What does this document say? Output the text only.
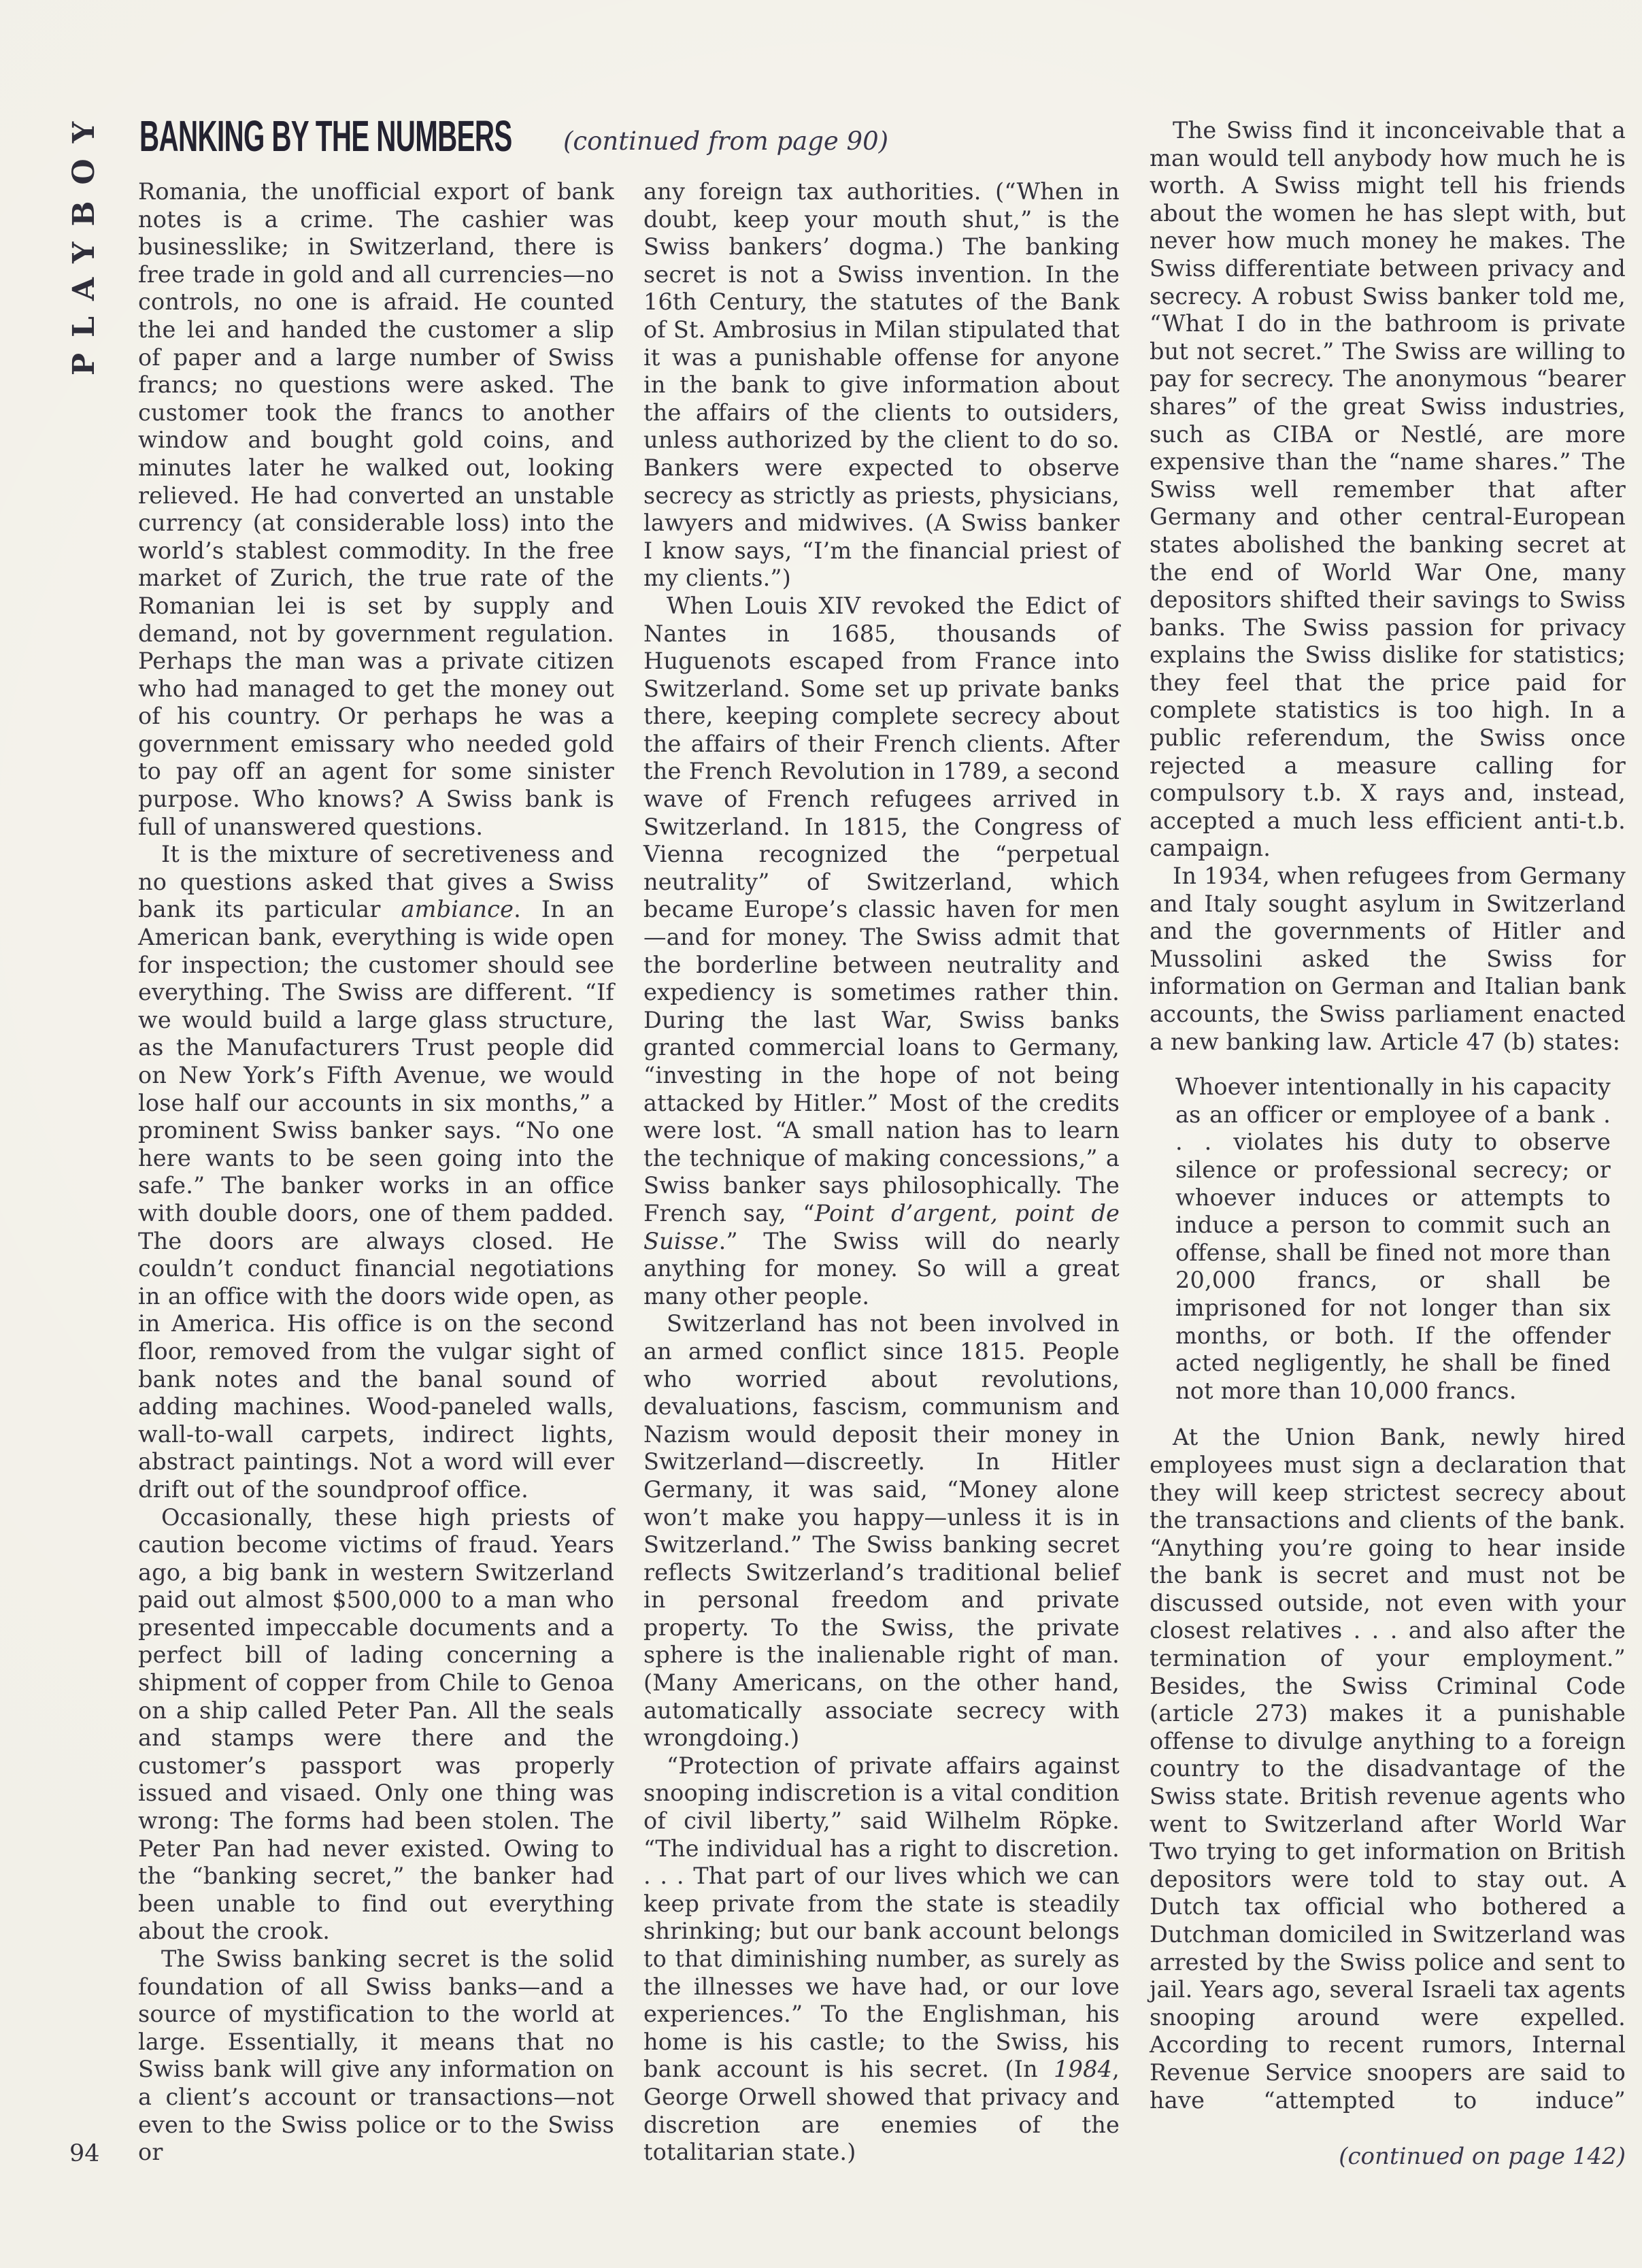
PLAYBOY BANKING BY THE NUMBERS	(continued from page 90)

Romania, the unofficial export of bank notes is a crime. The cashier was businesslike; in Switzerland, there is free trade in gold and all currencies—no controls, no one is afraid. He counted the lei and handed the customer a slip of paper and a large number of Swiss francs; no questions were asked. The customer took the francs to another window and bought gold coins, and minutes later he walked out, looking relieved. He had converted an unstable currency (at considerable loss) into the world’s stablest commodity. In the free market of Zurich, the true rate of the Romanian lei is set by supply and demand, not by government regulation. Perhaps the man was a private citizen who had managed to get the money out of his country. Or perhaps he was a government emissary who needed gold to pay off an agent for some sinister purpose. Who knows? A Swiss bank is full of unanswered questions.

It is the mixture of secretiveness and no questions asked that gives a Swiss bank its particular ambiance. In an American bank, everything is wide open for inspection; the customer should see everything. The Swiss are different. “If we would build a large glass structure, as the Manufacturers Trust people did on New York’s Fifth Avenue, we would lose half our accounts in six months,” a prominent Swiss banker says. “No one here wants to be seen going into the safe.” The banker works in an office with double doors, one of them padded. The doors are always closed. He couldn’t conduct financial negotiations in an office with the doors wide open, as in America. His office is on the second floor, removed from the vulgar sight of bank notes and the banal sound of adding machines. Wood-paneled walls, wall-to-wall carpets, indirect lights, abstract paintings. Not a word will ever drift out of the soundproof office.

Occasionally, these high priests of caution become victims of fraud. Years ago, a big bank in western Switzerland paid out almost $500,000 to a man who presented impeccable documents and a perfect bill of lading concerning a shipment of copper from Chile to Genoa on a ship called Peter Pan. All the seals and stamps were there and the customer’s passport was properly issued and visaed. Only one thing was wrong: The forms had been stolen. The Peter Pan had never existed. Owing to the “banking secret,” the banker had been unable to find out everything about the crook.

The Swiss banking secret is the solid foundation of all Swiss banks—and a source of mystification to the world at large. Essentially, it means that no Swiss bank will give any information on a client’s account or transactions—not even to the Swiss police or to the Swiss or

any foreign tax authorities. (“When in doubt, keep your mouth shut,” is the Swiss bankers’ dogma.) The banking secret is not a Swiss invention. In the 16th Century, the statutes of the Bank of St. Ambrosius in Milan stipulated that it was a punishable offense for anyone in the bank to give information about the affairs of the clients to outsiders, unless authorized by the client to do so. Bankers were expected to observe secrecy as strictly as priests, physicians, lawyers and midwives. (A Swiss banker I know says, “I’m the financial priest of my clients.”)

When Louis XIV revoked the Edict of Nantes in 1685, thousands of Huguenots escaped from France into Switzerland. Some set up private banks there, keeping complete secrecy about the affairs of their French clients. After the French Revolution in 1789, a second wave of French refugees arrived in Switzerland. In 1815, the Congress of Vienna recognized the “perpetual neutrality” of Switzerland, which became Europe’s classic haven for men—and for money. The Swiss admit that the borderline between neutrality and expediency is sometimes rather thin. During the last War, Swiss banks granted commercial loans to Germany, “investing in the hope of not being attacked by Hitler.” Most of the credits were lost. “A small nation has to learn the technique of making concessions,” a Swiss banker says philosophically. The French say, “Point d’argent, point de Suisse.” The Swiss will do nearly anything for money. So will a great many other people.

Switzerland has not been involved in an armed conflict since 1815. People who worried about revolutions, devaluations, fascism, communism and Nazism would deposit their money in Switzerland—discreetly. In Hitler Germany, it was said, “Money alone won’t make you happy—unless it is in Switzerland.” The Swiss banking secret reflects Switzerland’s traditional belief in personal freedom and private property. To the Swiss, the private sphere is the inalienable right of man. (Many Americans, on the other hand, automatically associate secrecy with wrongdoing.)

“Protection of private affairs against snooping indiscretion is a vital condition of civil liberty,” said Wilhelm Röpke. “The individual has a right to discretion. . . . That part of our lives which we can keep private from the state is steadily shrinking; but our bank account belongs to that diminishing number, as surely as the illnesses we have had, or our love experiences.” To the Englishman, his home is his castle; to the Swiss, his bank account is his secret. (In 1984, George Orwell showed that privacy and discretion are enemies of the totalitarian state.)

The Swiss find it inconceivable that a man would tell anybody how much he is worth. A Swiss might tell his friends about the women he has slept with, but never how much money he makes. The Swiss differentiate between privacy and secrecy. A robust Swiss banker told me, “What I do in the bathroom is private but not secret.” The Swiss are willing to pay for secrecy. The anonymous “bearer shares” of the great Swiss industries, such as CIBA or Nestlé, are more expensive than the “name shares.” The Swiss well remember that after Germany and other central-European states abolished the banking secret at the end of World War One, many depositors shifted their savings to Swiss banks. The Swiss passion for privacy explains the Swiss dislike for statistics; they feel that the price paid for complete statistics is too high. In a public referendum, the Swiss once rejected a measure calling for compulsory t.b. X rays and, instead, accepted a much less efficient anti-t.b. campaign.

In 1934, when refugees from Germany and Italy sought asylum in Switzerland and the governments of Hitler and Mussolini asked the Swiss for information on German and Italian bank accounts, the Swiss parliament enacted a new banking law. Article 47 (b) states:

Whoever intentionally in his capacity as an officer or employee of a bank . . . violates his duty to observe silence or professional secrecy; or whoever induces or attempts to induce a person to commit such an offense, shall be fined not more than 20,000 francs, or shall be imprisoned for not longer than six months, or both. If the offender acted negligently, he shall be fined not more than 10,000 francs.

At the Union Bank, newly hired employees must sign a declaration that they will keep strictest secrecy about the transactions and clients of the bank. “Anything you’re going to hear inside the bank is secret and must not be discussed outside, not even with your closest relatives . . . and also after the termination of your employment.” Besides, the Swiss Criminal Code (article 273) makes it a punishable offense to divulge anything to a foreign country to the disadvantage of the Swiss state. British revenue agents who went to Switzerland after World War Two trying to get information on British depositors were told to stay out. A Dutch tax official who bothered a Dutchman domiciled in Switzerland was arrested by the Swiss police and sent to jail. Years ago, several Israeli tax agents snooping around were expelled. According to recent rumors, Internal Revenue Service snoopers are said to have “attempted to induce”

(continued on page 142)
94
